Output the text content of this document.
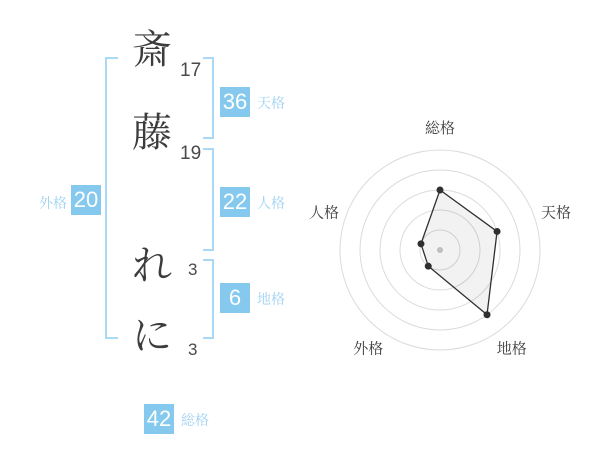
斎 17
藤 19
れ 3
に 3
外格 20
36 天格
22 人格
6	地格
42 総格
総格
天格
地格
外格
人格
